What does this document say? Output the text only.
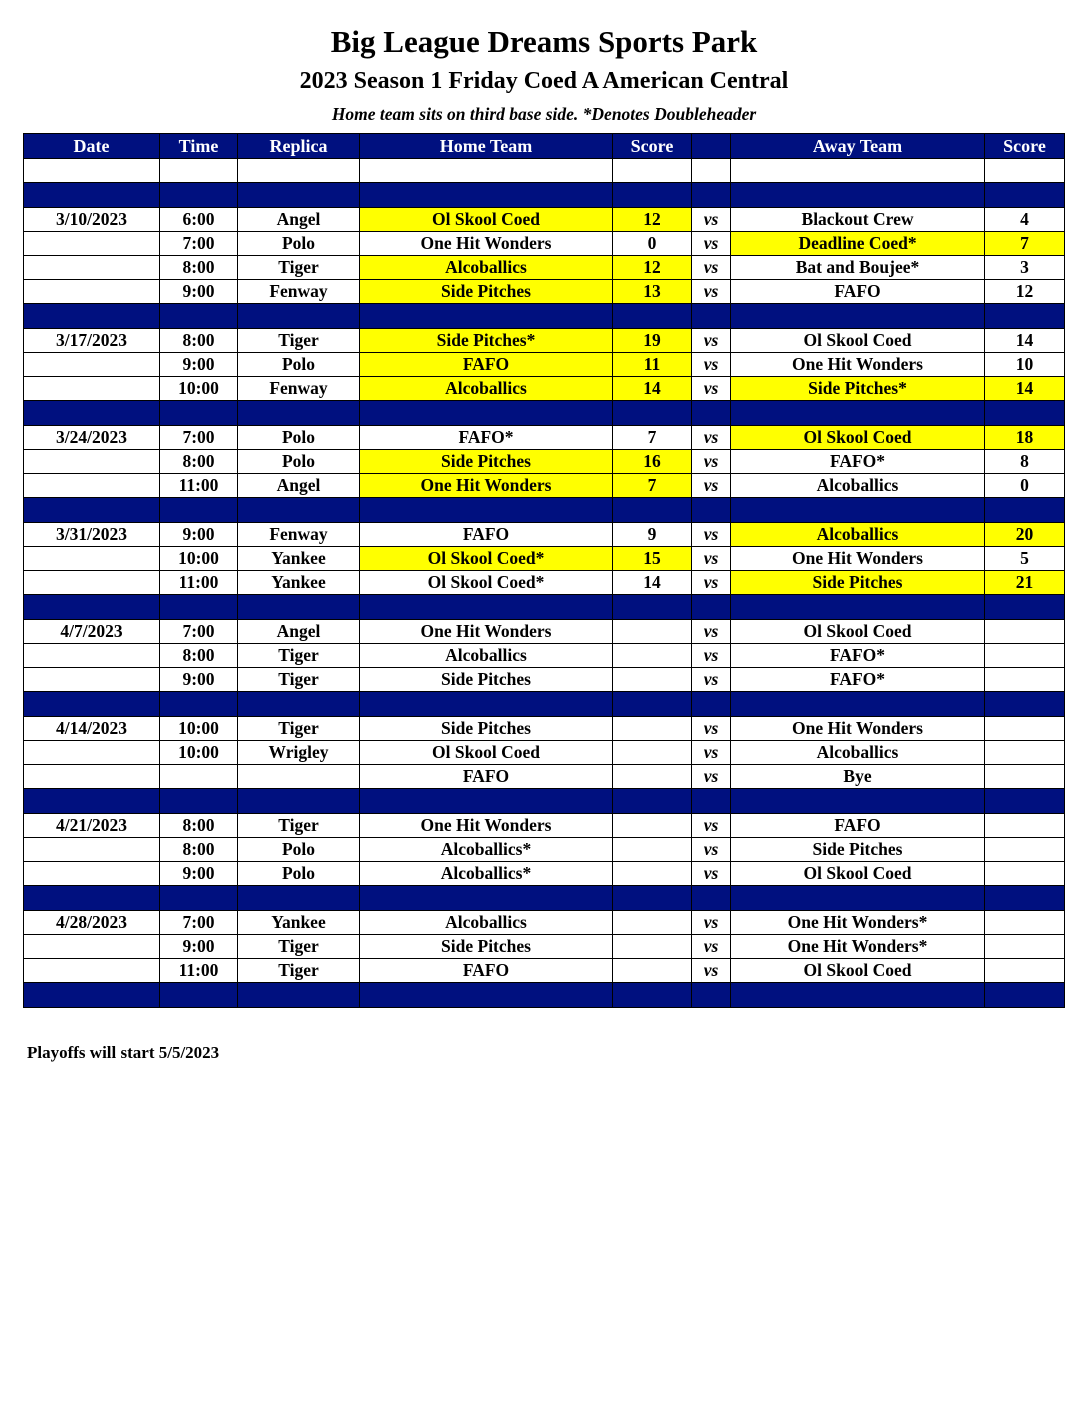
Big League Dreams Sports Park
2023 Season 1 Friday Coed A American Central
Home team sits on third base side. *Denotes Doubleheader
Date	Time	Replica	Home Team	Score		Away Team	Score

3/10/2023	6:00	Angel	Ol Skool Coed	12	vs	Blackout Crew	4
	7:00	Polo	One Hit Wonders	0	vs	Deadline Coed*	7
	8:00	Tiger	Alcoballics	12	vs	Bat and Boujee*	3
	9:00	Fenway	Side Pitches	13	vs	FAFO	12

3/17/2023	8:00	Tiger	Side Pitches*	19	vs	Ol Skool Coed	14
	9:00	Polo	FAFO	11	vs	One Hit Wonders	10
	10:00	Fenway	Alcoballics	14	vs	Side Pitches*	14

3/24/2023	7:00	Polo	FAFO*	7	vs	Ol Skool Coed	18
	8:00	Polo	Side Pitches	16	vs	FAFO*	8
	11:00	Angel	One Hit Wonders	7	vs	Alcoballics	0

3/31/2023	9:00	Fenway	FAFO	9	vs	Alcoballics	20
	10:00	Yankee	Ol Skool Coed*	15	vs	One Hit Wonders	5
	11:00	Yankee	Ol Skool Coed*	14	vs	Side Pitches	21

4/7/2023	7:00	Angel	One Hit Wonders		vs	Ol Skool Coed	
	8:00	Tiger	Alcoballics		vs	FAFO*	
	9:00	Tiger	Side Pitches		vs	FAFO*	

4/14/2023	10:00	Tiger	Side Pitches		vs	One Hit Wonders	
	10:00	Wrigley	Ol Skool Coed		vs	Alcoballics	
			FAFO		vs	Bye	

4/21/2023	8:00	Tiger	One Hit Wonders		vs	FAFO	
	8:00	Polo	Alcoballics*		vs	Side Pitches	
	9:00	Polo	Alcoballics*		vs	Ol Skool Coed	

4/28/2023	7:00	Yankee	Alcoballics		vs	One Hit Wonders*	
	9:00	Tiger	Side Pitches		vs	One Hit Wonders*	
	11:00	Tiger	FAFO		vs	Ol Skool Coed	

Playoffs will start 5/5/2023
